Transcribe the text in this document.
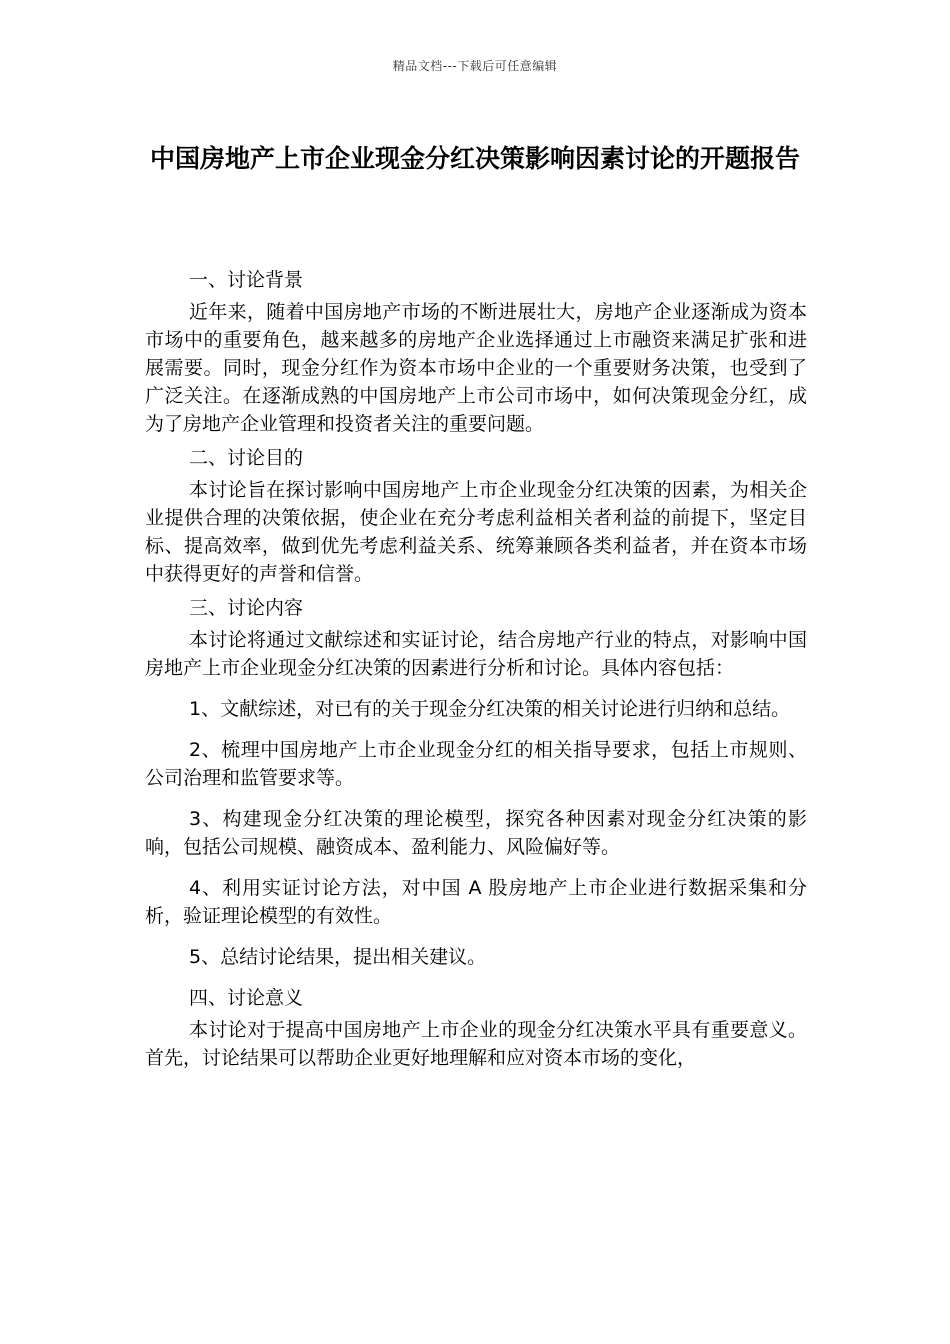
精品文档---下载后可任意编辑
中国房地产上市企业现金分红决策影响因素讨论的开题报告

一、讨论背景

近年来，随着中国房地产市场的不断进展壮大，房地产企业逐渐成为资本市场中的重要角色，越来越多的房地产企业选择通过上市融资来满足扩张和进展需要。同时，现金分红作为资本市场中企业的一个重要财务决策，也受到了广泛关注。在逐渐成熟的中国房地产上市公司市场中，如何决策现金分红，成为了房地产企业管理和投资者关注的重要问题。

二、讨论目的

本讨论旨在探讨影响中国房地产上市企业现金分红决策的因素，为相关企业提供合理的决策依据，使企业在充分考虑利益相关者利益的前提下，坚定目标、提高效率，做到优先考虑利益关系、统筹兼顾各类利益者，并在资本市场中获得更好的声誉和信誉。

三、讨论内容

本讨论将通过文献综述和实证讨论，结合房地产行业的特点，对影响中国房地产上市企业现金分红决策的因素进行分析和讨论。具体内容包括：

1、文献综述，对已有的关于现金分红决策的相关讨论进行归纳和总结。

2、梳理中国房地产上市企业现金分红的相关指导要求，包括上市规则、公司治理和监管要求等。

3、构建现金分红决策的理论模型，探究各种因素对现金分红决策的影响，包括公司规模、融资成本、盈利能力、风险偏好等。

4、利用实证讨论方法，对中国 A 股房地产上市企业进行数据采集和分析，验证理论模型的有效性。

5、总结讨论结果，提出相关建议。

四、讨论意义

本讨论对于提高中国房地产上市企业的现金分红决策水平具有重要意义。首先，讨论结果可以帮助企业更好地理解和应对资本市场的变化，
